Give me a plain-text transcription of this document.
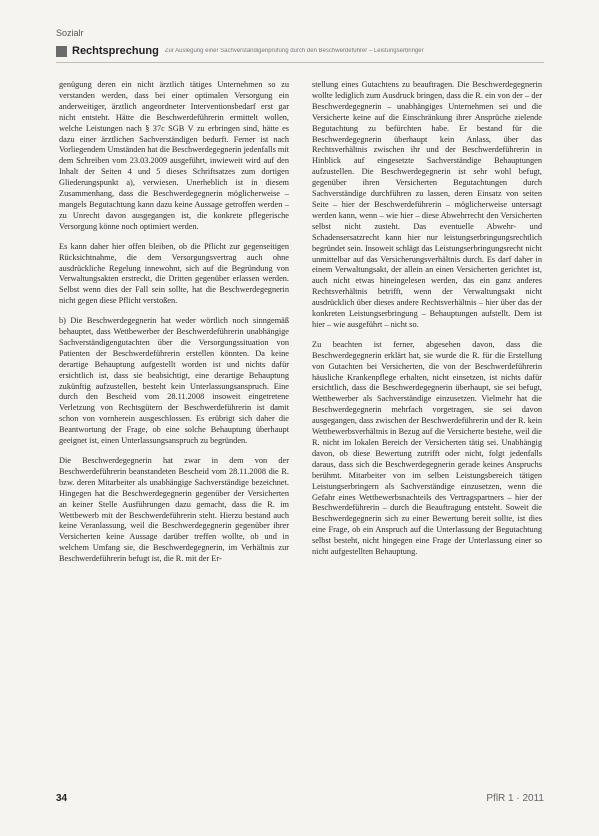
Sozialr
Rechtsprechung Zur Auslegung einer Sachverständigenprüfung durch den Beschwerdeführer – Leistungserbringer

genügung deren ein nicht ärztlich tätiges Unternehmen so zu verstanden werden, dass bei einer optimalen Versorgung ein anderweitiger, ärztlich angeordneter Interventionsbedarf erst gar nicht entsteht. Hätte die Beschwerdeführerin ermittelt wollen, welche Leistungen nach § 37c SGB V zu erbringen sind, hätte es dazu einer ärztlichen Sachverständigen bedurft. Ferner ist nach Vorliegendem Umständen hat die Beschwerdegegnerin jedenfalls mit dem Schreiben vom 23.03.2009 ausgeführt, inwieweit wird auf den Inhalt der Seiten 4 und 5 dieses Schriftsatzes zum dortigen Gliederungspunkt a), verwiesen. Unerheblich ist in diesem Zusammenhang, dass die Beschwerdegegnerin möglicherweise – mangels Begutachtung kann dazu keine Aussage getroffen werden – zu Unrecht davon ausgegangen ist, die konkrete pflegerische Versorgung könne noch optimiert werden.

Es kann daher hier offen bleiben, ob die Pflicht zur gegenseitigen Rücksichtnahme, die dem Versorgungsvertrag auch ohne ausdrückliche Regelung innewohnt, sich auf die Begründung von Verwaltungsakten erstreckt, die Dritten gegenüber erlassen werden. Selbst wenn dies der Fall sein sollte, hat die Beschwerdegegnerin nicht gegen diese Pflicht verstoßen.

b) Die Beschwerdegegnerin hat weder wörtlich noch sinngemäß behauptet, dass Wettbewerber der Beschwerdeführerin unabhängige Sachverständigengutachten über die Versorgungssituation von Patienten der Beschwerdeführerin erstellen könnten. Da keine derartige Behauptung aufgestellt worden ist und nichts dafür ersichtlich ist, dass sie beabsichtigt, eine derartige Behauptung zukünftig aufzustellen, besteht kein Unterlassungsanspruch. Eine durch den Bescheid vom 28.11.2008 insoweit eingetretene Verletzung von Rechtsgütern der Beschwerdeführerin ist damit schon von vornherein ausgeschlossen. Es erübrigt sich daher die Beantwortung der Frage, ob eine solche Behauptung überhaupt geeignet ist, einen Unterlassungsanspruch zu begründen.

Die Beschwerdegegnerin hat zwar in dem von der Beschwerdeführerin beanstandeten Bescheid vom 28.11.2008 die R. bzw. deren Mitarbeiter als unabhängige Sachverständige bezeichnet. Hingegen hat die Beschwerdegegnerin gegenüber der Versicherten an keiner Stelle Ausführungen dazu gemacht, dass die R. im Wettbewerb mit der Beschwerdeführerin steht. Hierzu bestand auch keine Veranlassung, weil die Beschwerdegegnerin gegenüber ihrer Versicherten keine Aussage darüber treffen wollte, ob und in welchem Umfang sie, die Beschwerdegegnerin, im Verhältnis zur Beschwerdeführerin befugt ist, die R. mit der Er-

stellung eines Gutachtens zu beauftragen. Die Beschwerdegegnerin wollte lediglich zum Ausdruck bringen, dass die R. ein von der – der Beschwerdegegnerin – unabhängiges Unternehmen sei und die Versicherte keine auf die Einschränkung ihrer Ansprüche zielende Begutachtung zu befürchten habe. Er bestand für die Beschwerdegegnerin überhaupt kein Anlass, über das Rechtsverhältnis zwischen ihr und der Beschwerdeführerin in Hinblick auf eingesetzte Sachverständige Behauptungen aufzustellen. Die Beschwerdegegnerin ist sehr wohl befugt, gegenüber ihren Versicherten Begutachtungen durch Sachverständige durchführen zu lassen, deren Einsatz von seiten Seite – hier der Beschwerdeführerin – möglicherweise untersagt werden kann, wenn – wie hier – diese Abwehrrecht den Versicherten selbst nicht zusteht. Das eventuelle Abwehr- und Schadensersatzrecht kann hier nur leistungserbringungsrechtlich begründet sein. Insoweit schlägt das Leistungserbringungsrecht nicht unmittelbar auf das Versicherungsverhältnis durch. Es darf daher in einem Verwaltungsakt, der allein an einen Versicherten gerichtet ist, auch nicht etwas hineingelesen werden, das ein ganz anderes Rechtsverhältnis betrifft, wenn der Verwaltungsakt nicht ausdrücklich über dieses andere Rechtsverhältnis – hier über das der konkreten Leistungserbringung – Behauptungen aufstellt. Dem ist hier – wie ausgeführt – nicht so.

Zu beachten ist ferner, abgesehen davon, dass die Beschwerdegegnerin erklärt hat, sie wurde die R. für die Erstellung von Gutachten bei Versicherten, die von der Beschwerdeführerin häusliche Krankenpflege erhalten, nicht einsetzen, ist nichts dafür ersichtlich, dass die Beschwerdegegnerin überhaupt, sie sei befugt, Wettbewerber als Sachverständige einzusetzen. Vielmehr hat die Beschwerdegegnerin mehrfach vorgetragen, sie sei davon ausgegangen, dass zwischen der Beschwerdeführerin und der R. kein Wettbewerbsverhältnis in Bezug auf die Versicherte bestehe, weil die R. nicht im lokalen Bereich der Versicherten tätig sei. Unabhängig davon, ob diese Bewertung zutrifft oder nicht, folgt jedenfalls daraus, dass sich die Beschwerdegegnerin gerade keines Anspruchs berühmt. Mitarbeiter von im selben Leistungsbereich tätigen Leistungserbringern als Sachverständige einzusetzen, wenn die Gefahr eines Wettbewerbsnachteils des Vertragspartners – hier der Beschwerdeführerin – durch die Beauftragung entsteht. Soweit die Beschwerdegegnerin sich zu einer Bewertung bereit sollte, ist dies eine Frage, ob ein Anspruch auf die Unterlassung der Begutachtung selbst besteht, nicht hingegen eine Frage der Unterlassung einer so nicht aufgestellten Behauptung.

34	PflR 1 · 2011
